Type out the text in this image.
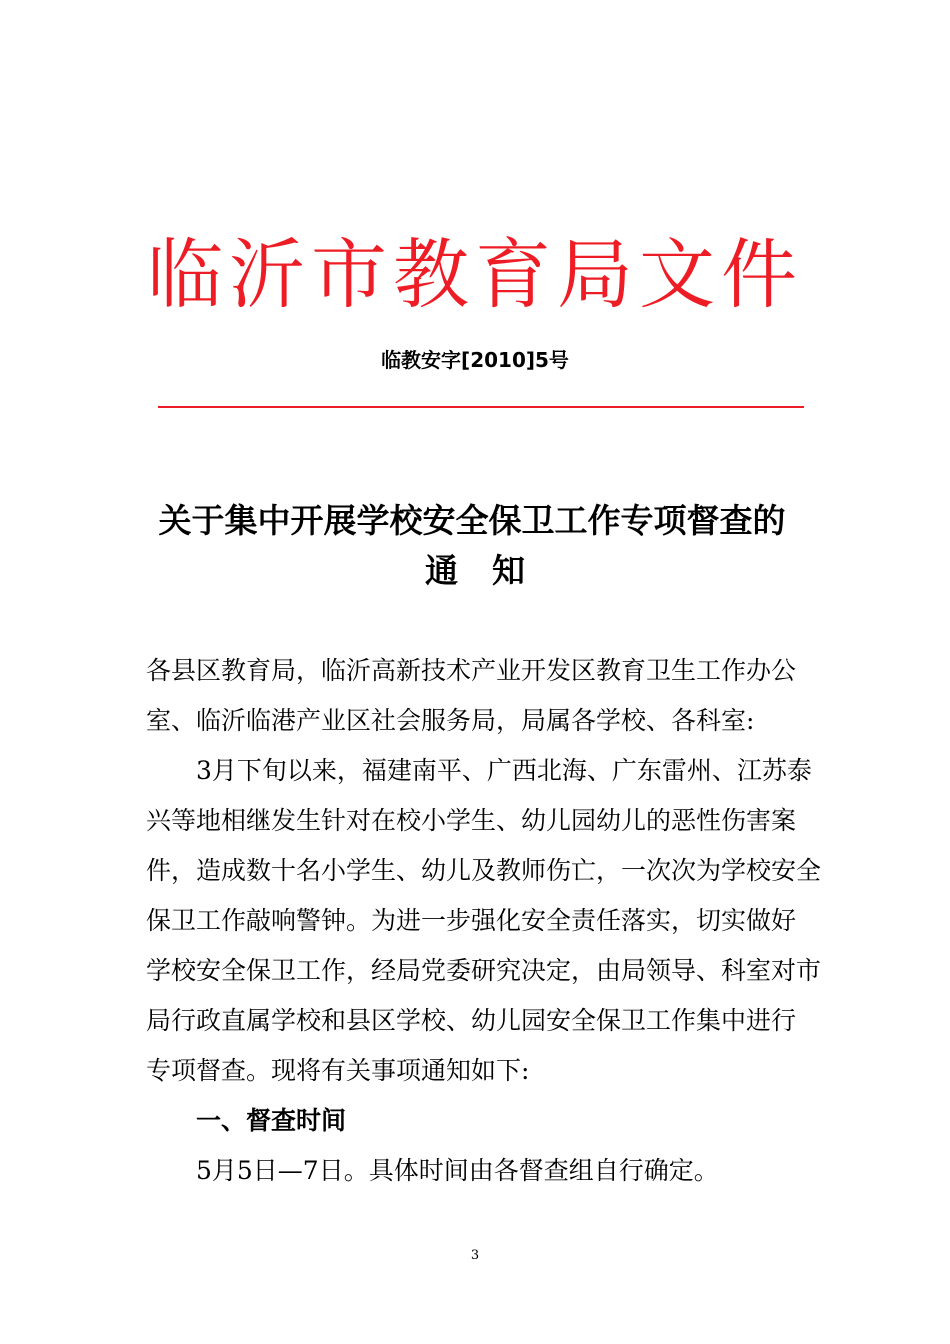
临沂市教育局文件
临教安字[2010]5号
关于集中开展学校安全保卫工作专项督查的
通知
各县区教育局，临沂高新技术产业开发区教育卫生工作办公
室、临沂临港产业区社会服务局，局属各学校、各科室:
3月下旬以来，福建南平、广西北海、广东雷州、江苏泰
兴等地相继发生针对在校小学生、幼儿园幼儿的恶性伤害案
件，造成数十名小学生、幼儿及教师伤亡，一次次为学校安全
保卫工作敲响警钟。为进一步强化安全责任落实，切实做好
学校安全保卫工作，经局党委研究决定，由局领导、科室对市
局行政直属学校和县区学校、幼儿园安全保卫工作集中进行
专项督查。现将有关事项通知如下:
一、督查时间
5月5日—7日。具体时间由各督查组自行确定。
3
